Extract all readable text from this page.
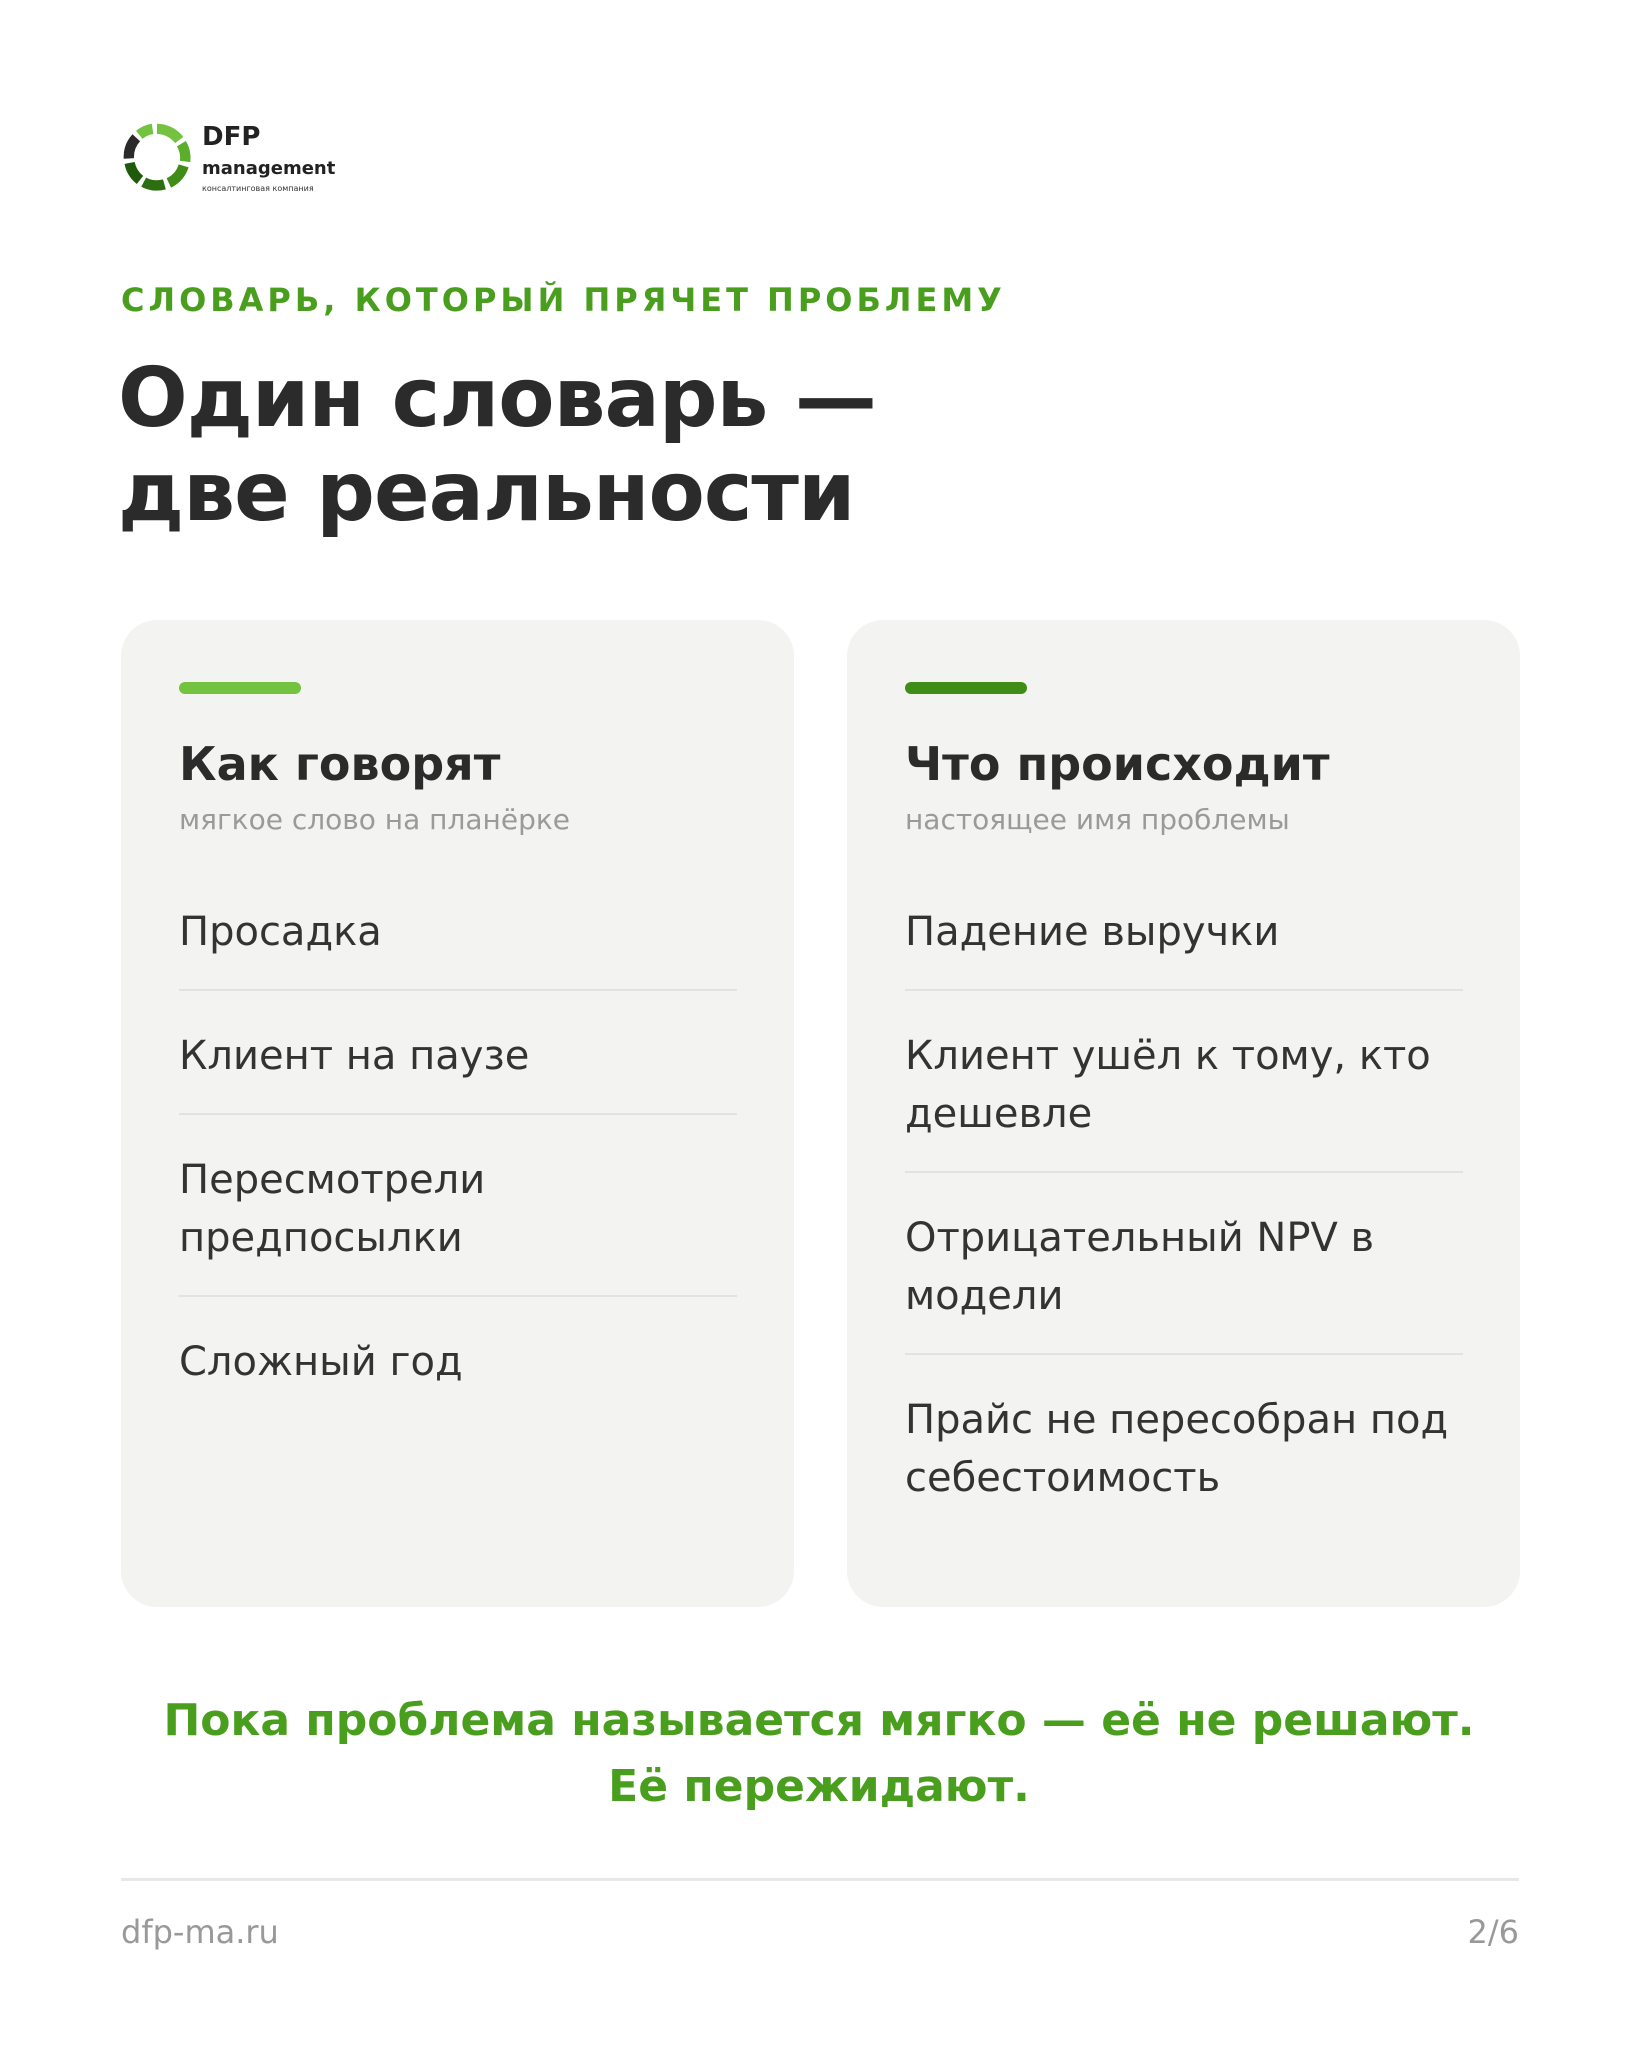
DFP
management
консалтинговая компания
СЛОВАРЬ, КОТОРЫЙ ПРЯЧЕТ ПРОБЛЕМУ
Один словарь —
две реальности
Как говорят
мягкое слово на планёрке
Просадка
Клиент на паузе
Пересмотрели предпосылки
Сложный год
Что происходит
настоящее имя проблемы
Падение выручки
Клиент ушёл к тому, кто дешевле
Отрицательный NPV в модели
Прайс не пересобран под себестоимость

Пока проблема называется мягко — её не решают.
Её пережидают.

dfp-ma.ru	2/6
